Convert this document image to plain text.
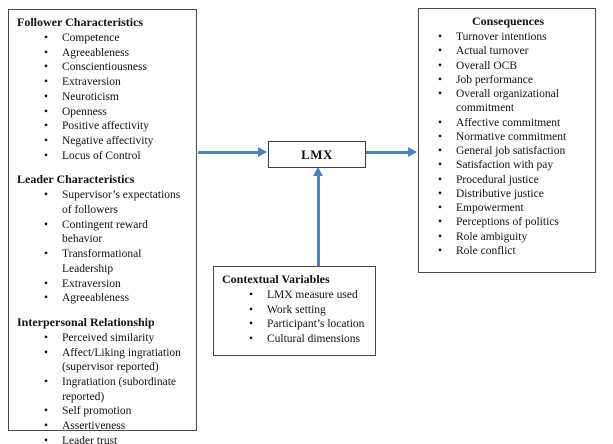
Follower Characteristics
• Competence
• Agreeableness
• Conscientiousness
• Extraversion
• Neuroticism
• Openness
• Positive affectivity
• Negative affectivity
• Locus of Control
Leader Characteristics
• Supervisor’s expectations of followers
• Contingent reward behavior
• Transformational Leadership
• Extraversion
• Agreeableness
Interpersonal Relationship
• Perceived similarity
• Affect/Liking ingratiation (supervisor reported)
• Ingratiation (subordinate reported)
• Self promotion
• Assertiveness
• Leader trust
LMX
Contextual Variables
• LMX measure used
• Work setting
• Participant’s location
• Cultural dimensions
Consequences
• Turnover intentions
• Actual turnover
• Overall OCB
• Job performance
• Overall organizational commitment
• Affective commitment
• Normative commitment
• General job satisfaction
• Satisfaction with pay
• Procedural justice
• Distributive justice
• Empowerment
• Perceptions of politics
• Role ambiguity
• Role conflict
